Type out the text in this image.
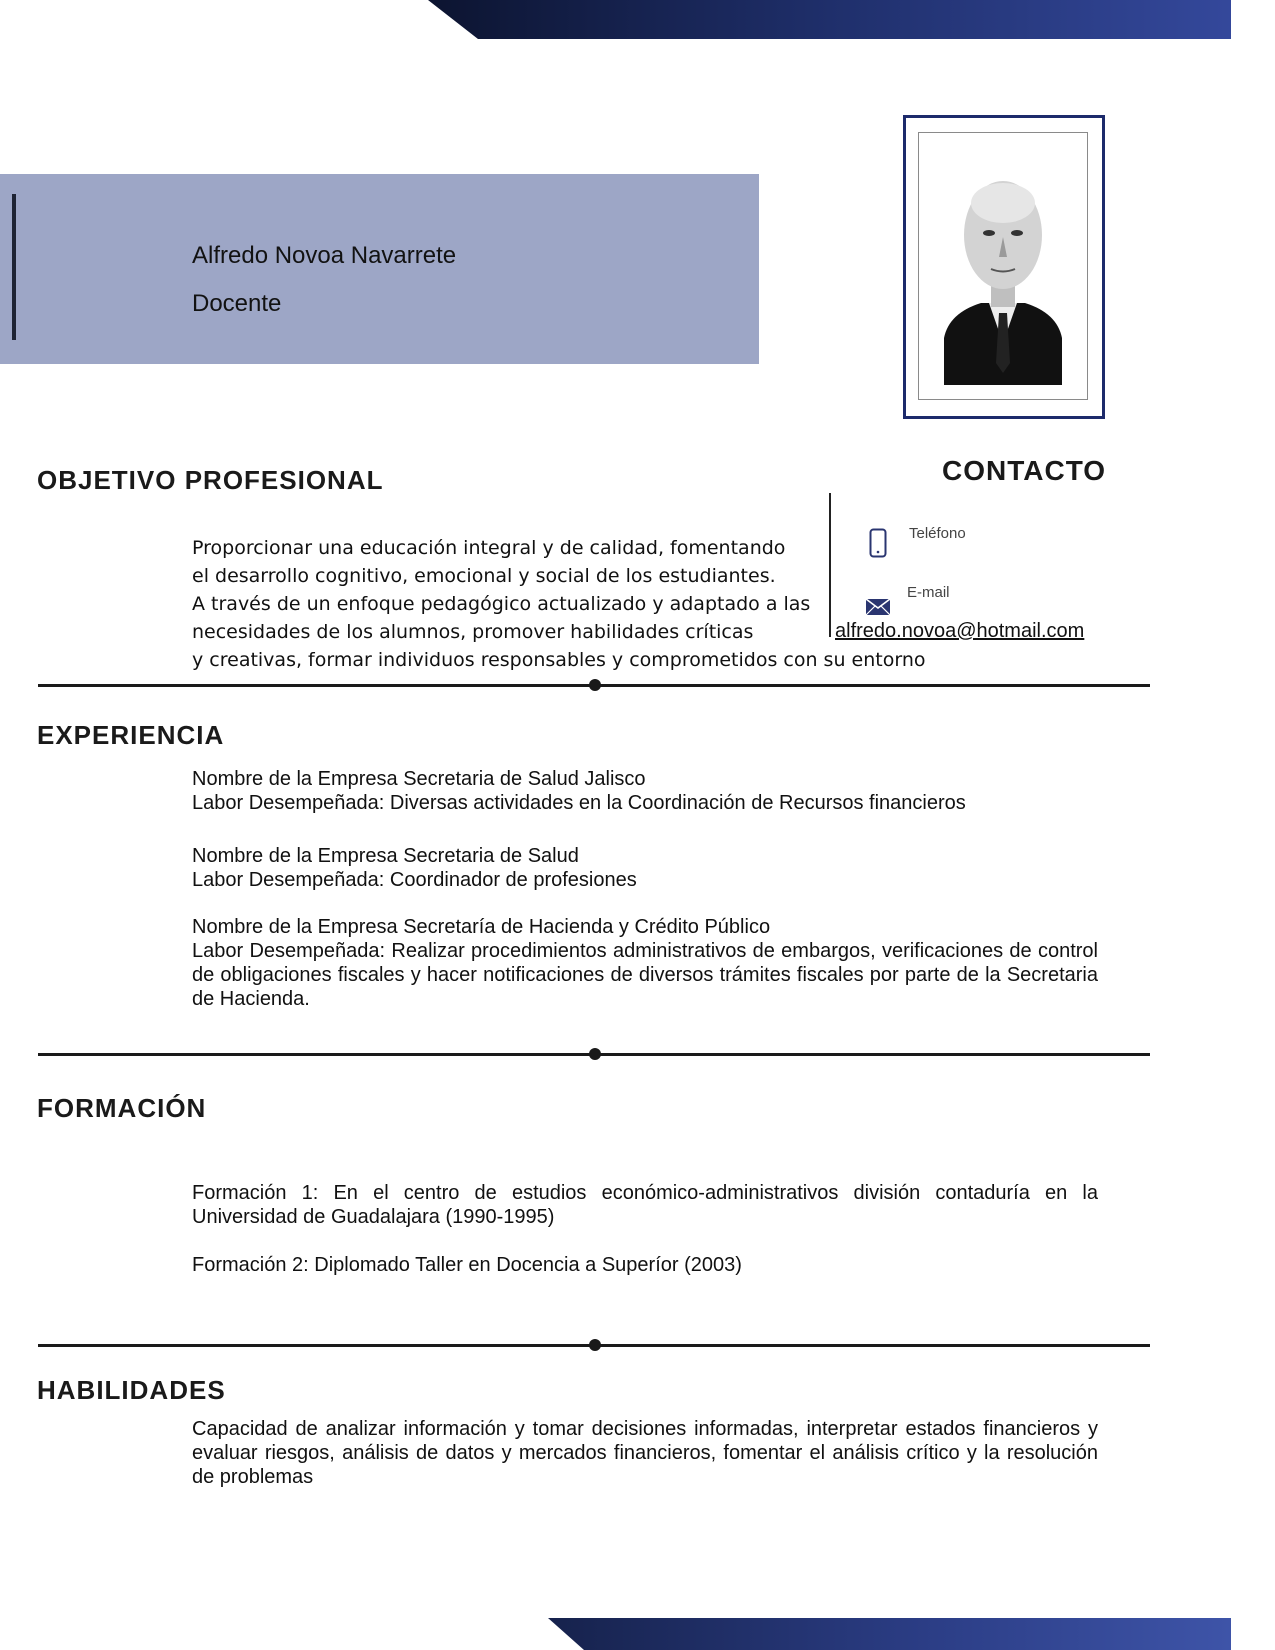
Alfredo Novoa Navarrete
Docente
OBJETIVO PROFESIONAL
Proporcionar una educación integral y de calidad, fomentando
el desarrollo cognitivo, emocional y social de los estudiantes.
A través de un enfoque pedagógico actualizado y adaptado a las
necesidades de los alumnos, promover habilidades críticas
y creativas, formar individuos responsables y comprometidos con su entorno
CONTACTO
Teléfono
E-mail
alfredo.novoa@hotmail.com
EXPERIENCIA
Nombre de la Empresa Secretaria de Salud Jalisco
Labor Desempeñada: Diversas actividades en la Coordinación de Recursos financieros
Nombre de la Empresa Secretaria de Salud
Labor Desempeñada: Coordinador de profesiones
Nombre de la Empresa Secretaría de Hacienda y Crédito Público
Labor Desempeñada: Realizar procedimientos administrativos de embargos, verificaciones de control de obligaciones fiscales y hacer notificaciones de diversos trámites fiscales por parte de la Secretaria de Hacienda.
FORMACIÓN
Formación 1: En el centro de estudios económico-administrativos división contaduría en la Universidad de Guadalajara (1990-1995)
Formación 2: Diplomado Taller en Docencia a Superíor (2003)
HABILIDADES
Capacidad de analizar información y tomar decisiones informadas, interpretar estados financieros y evaluar riesgos, análisis de datos y mercados financieros, fomentar el análisis crítico y la resolución de problemas
